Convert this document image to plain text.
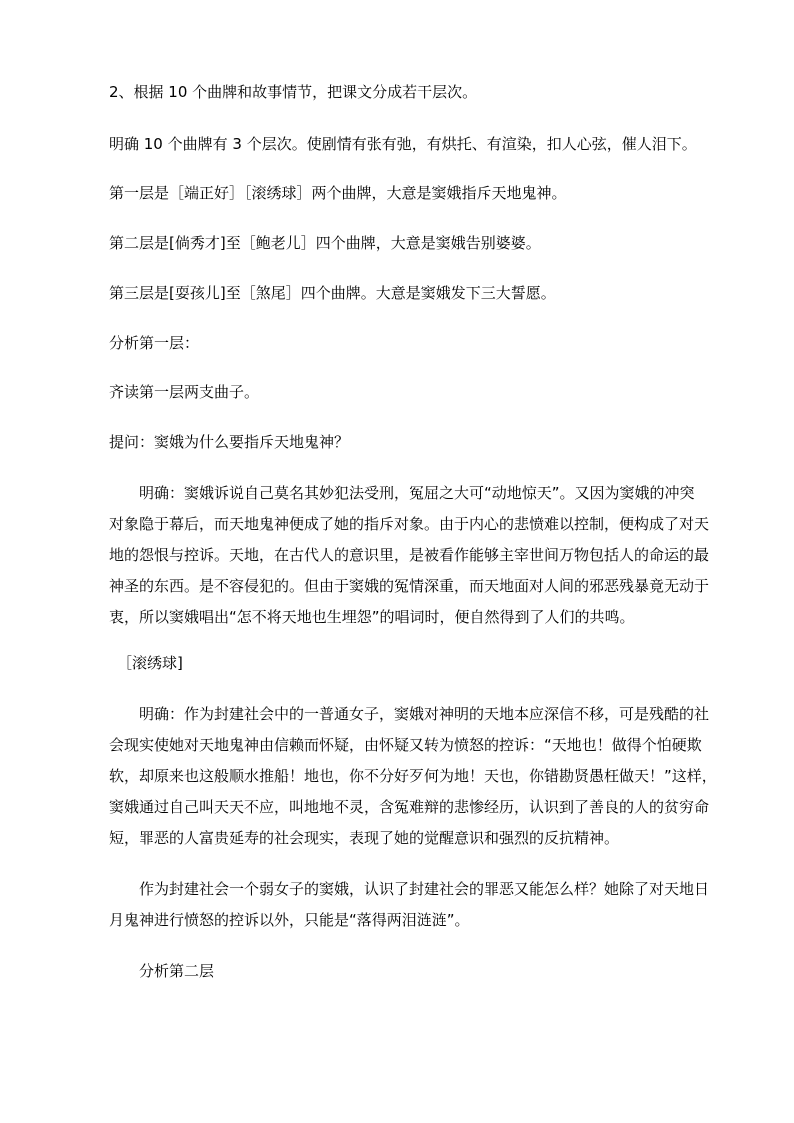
2、根据 10 个曲牌和故事情节，把课文分成若干层次。
明确 10 个曲牌有 3 个层次。使剧情有张有弛，有烘托、有渲染，扣人心弦，催人泪下。
第一层是［端正好］［滚绣球］两个曲牌，大意是窦娥指斥天地鬼神。
第二层是[倘秀才]至［鲍老儿］四个曲牌，大意是窦娥告别婆婆。
第三层是[耍孩儿]至［煞尾］四个曲牌。大意是窦娥发下三大誓愿。
分析第一层：
齐读第一层两支曲子。
提问：窦娥为什么要指斥天地鬼神？
明确：窦娥诉说自己莫名其妙犯法受刑，冤屈之大可“动地惊天”。又因为窦娥的冲突
对象隐于幕后，而天地鬼神便成了她的指斥对象。由于内心的悲愤难以控制，便构成了对天
地的怨恨与控诉。天地，在古代人的意识里，是被看作能够主宰世间万物包括人的命运的最
神圣的东西。是不容侵犯的。但由于窦娥的冤情深重，而天地面对人间的邪恶残暴竟无动于
衷，所以窦娥唱出“怎不将天地也生埋怨”的唱词时，便自然得到了人们的共鸣。
［滚绣球]
明确：作为封建社会中的一普通女子，窦娥对神明的天地本应深信不移，可是残酷的社
会现实使她对天地鬼神由信赖而怀疑，由怀疑又转为愤怒的控诉：“天地也！做得个怕硬欺
软，却原来也这般顺水推船！地也，你不分好歹何为地！天也，你错勘贤愚枉做天！”这样，
窦娥通过自己叫天天不应，叫地地不灵，含冤难辩的悲惨经历，认识到了善良的人的贫穷命
短，罪恶的人富贵延寿的社会现实，表现了她的觉醒意识和强烈的反抗精神。
作为封建社会一个弱女子的窦娥，认识了封建社会的罪恶又能怎么样？她除了对天地日
月鬼神进行愤怒的控诉以外，只能是“落得两泪涟涟”。
分析第二层
